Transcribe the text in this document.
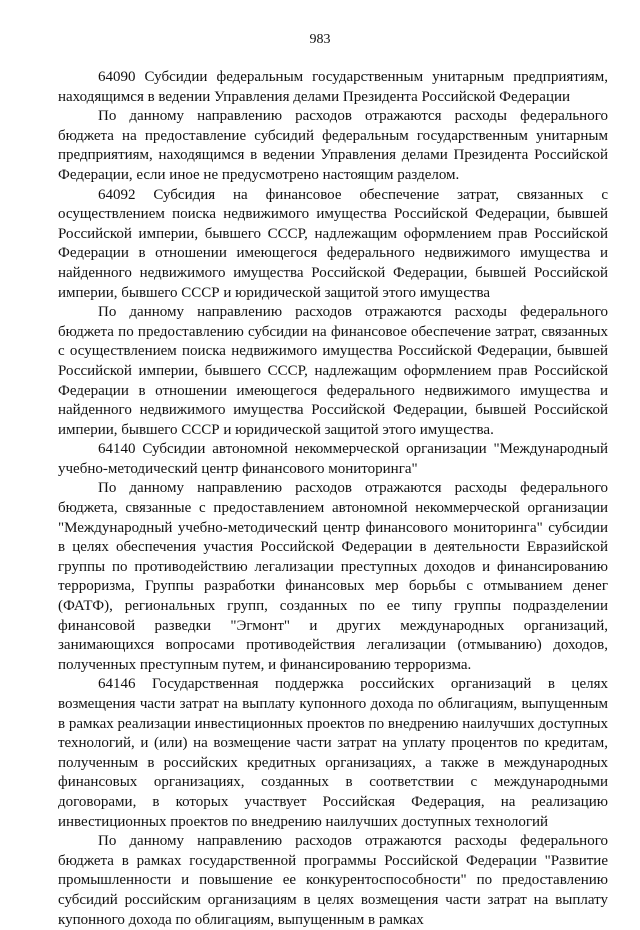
983

64090 Субсидии федеральным государственным унитарным предприятиям, находящимся в ведении Управления делами Президента Российской Федерации

По данному направлению расходов отражаются расходы федерального бюджета на предоставление субсидий федеральным государственным унитарным предприятиям, находящимся в ведении Управления делами Президента Российской Федерации, если иное не предусмотрено настоящим разделом.

64092 Субсидия на финансовое обеспечение затрат, связанных с осуществлением поиска недвижимого имущества Российской Федерации, бывшей Российской империи, бывшего СССР, надлежащим оформлением прав Российской Федерации в отношении имеющегося федерального недвижимого имущества и найденного недвижимого имущества Российской Федерации, бывшей Российской империи, бывшего СССР и юридической защитой этого имущества

По данному направлению расходов отражаются расходы федерального бюджета по предоставлению субсидии на финансовое обеспечение затрат, связанных с осуществлением поиска недвижимого имущества Российской Федерации, бывшей Российской империи, бывшего СССР, надлежащим оформлением прав Российской Федерации в отношении имеющегося федерального недвижимого имущества и найденного недвижимого имущества Российской Федерации, бывшей Российской империи, бывшего СССР и юридической защитой этого имущества.

64140 Субсидии автономной некоммерческой организации "Международный учебно-методический центр финансового мониторинга"

По данному направлению расходов отражаются расходы федерального бюджета, связанные с предоставлением автономной некоммерческой организации "Международный учебно-методический центр финансового мониторинга" субсидии в целях обеспечения участия Российской Федерации в деятельности Евразийской группы по противодействию легализации преступных доходов и финансированию терроризма, Группы разработки финансовых мер борьбы с отмыванием денег (ФАТФ), региональных групп, созданных по ее типу группы подразделении финансовой разведки "Эгмонт" и других международных организаций, занимающихся вопросами противодействия легализации (отмыванию) доходов, полученных преступным путем, и финансированию терроризма.

64146 Государственная поддержка российских организаций в целях возмещения части затрат на выплату купонного дохода по облигациям, выпущенным в рамках реализации инвестиционных проектов по внедрению наилучших доступных технологий, и (или) на возмещение части затрат на уплату процентов по кредитам, полученным в российских кредитных организациях, а также в международных финансовых организациях, созданных в соответствии с международными договорами, в которых участвует Российская Федерация, на реализацию инвестиционных проектов по внедрению наилучших доступных технологий

По данному направлению расходов отражаются расходы федерального бюджета в рамках государственной программы Российской Федерации "Развитие промышленности и повышение ее конкурентоспособности" по предоставлению субсидий российским организациям в целях возмещения части затрат на выплату купонного дохода по облигациям, выпущенным в рамках
